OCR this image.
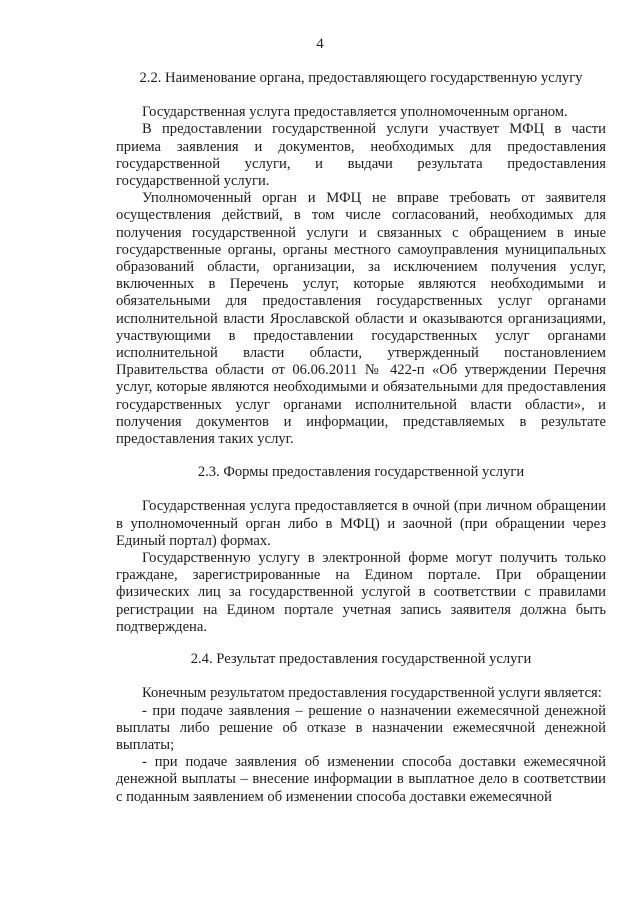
4
2.2. Наименование органа, предоставляющего государственную услугу

Государственная услуга предоставляется уполномоченным органом.

В предоставлении государственной услуги участвует МФЦ в части приема заявления и документов, необходимых для предоставления государственной услуги, и выдачи результата предоставления государственной услуги.

Уполномоченный орган и МФЦ не вправе требовать от заявителя осуществления действий, в том числе согласований, необходимых для получения государственной услуги и связанных с обращением в иные государственные органы, органы местного самоуправления муниципальных образований области, организации, за исключением получения услуг, включенных в Перечень услуг, которые являются необходимыми и обязательными для предоставления государственных услуг органами исполнительной власти Ярославской области и оказываются организациями, участвующими в предоставлении государственных услуг органами исполнительной власти области, утвержденный постановлением Правительства области от 06.06.2011 № 422-п «Об утверждении Перечня услуг, которые являются необходимыми и обязательными для предоставления государственных услуг органами исполнительной власти области», и получения документов и информации, представляемых в результате предоставления таких услуг.

2.3. Формы предоставления государственной услуги

Государственная услуга предоставляется в очной (при личном обращении в уполномоченный орган либо в МФЦ) и заочной (при обращении через Единый портал) формах.

Государственную услугу в электронной форме могут получить только граждане, зарегистрированные на Едином портале. При обращении физических лиц за государственной услугой в соответствии с правилами регистрации на Едином портале учетная запись заявителя должна быть подтверждена.

2.4. Результат предоставления государственной услуги

Конечным результатом предоставления государственной услуги является:

- при подаче заявления – решение о назначении ежемесячной денежной выплаты либо решение об отказе в назначении ежемесячной денежной выплаты;

- при подаче заявления об изменении способа доставки ежемесячной денежной выплаты – внесение информации в выплатное дело в соответствии с поданным заявлением об изменении способа доставки ежемесячной
